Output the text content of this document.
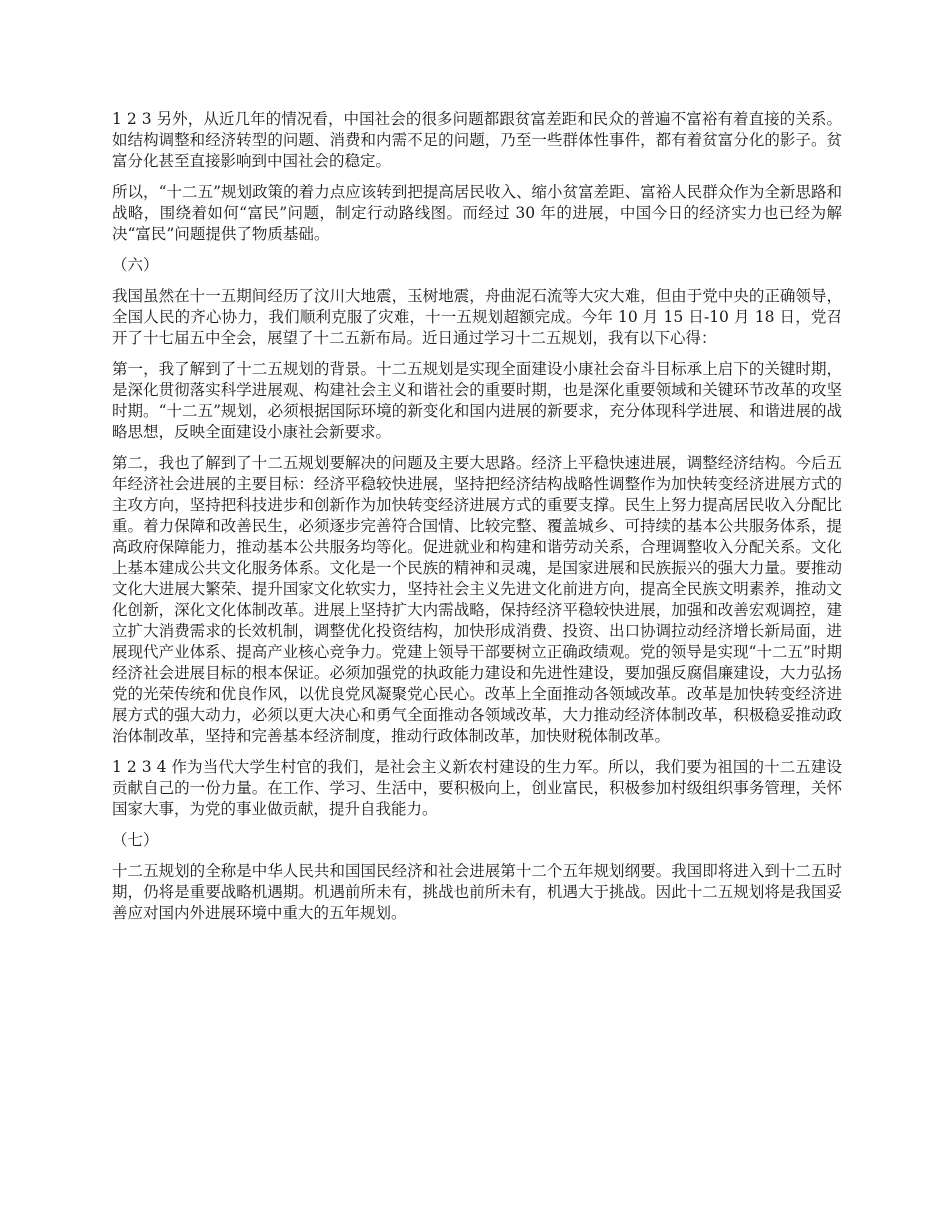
1 2 3 另外，从近几年的情况看，中国社会的很多问题都跟贫富差距和民众的普遍不富裕有着直接的关系。如结构调整和经济转型的问题、消费和内需不足的问题，乃至一些群体性事件，都有着贫富分化的影子。贫富分化甚至直接影响到中国社会的稳定。

所以，“十二五”规划政策的着力点应该转到把提高居民收入、缩小贫富差距、富裕人民群众作为全新思路和战略，围绕着如何“富民”问题，制定行动路线图。而经过 30 年的进展，中国今日的经济实力也已经为解决“富民”问题提供了物质基础。

（六）

我国虽然在十一五期间经历了汶川大地震，玉树地震，舟曲泥石流等大灾大难，但由于党中央的正确领导，全国人民的齐心协力，我们顺利克服了灾难，十一五规划超额完成。今年 10 月 15 日-10 月 18 日，党召开了十七届五中全会，展望了十二五新布局。近日通过学习十二五规划，我有以下心得：

第一，我了解到了十二五规划的背景。十二五规划是实现全面建设小康社会奋斗目标承上启下的关键时期，是深化贯彻落实科学进展观、构建社会主义和谐社会的重要时期，也是深化重要领域和关键环节改革的攻坚时期。“十二五”规划，必须根据国际环境的新变化和国内进展的新要求，充分体现科学进展、和谐进展的战略思想，反映全面建设小康社会新要求。

第二，我也了解到了十二五规划要解决的问题及主要大思路。经济上平稳快速进展，调整经济结构。今后五年经济社会进展的主要目标：经济平稳较快进展，坚持把经济结构战略性调整作为加快转变经济进展方式的主攻方向，坚持把科技进步和创新作为加快转变经济进展方式的重要支撑。民生上努力提高居民收入分配比重。着力保障和改善民生，必须逐步完善符合国情、比较完整、覆盖城乡、可持续的基本公共服务体系，提高政府保障能力，推动基本公共服务均等化。促进就业和构建和谐劳动关系，合理调整收入分配关系。文化上基本建成公共文化服务体系。文化是一个民族的精神和灵魂，是国家进展和民族振兴的强大力量。要推动文化大进展大繁荣、提升国家文化软实力，坚持社会主义先进文化前进方向，提高全民族文明素养，推动文化创新，深化文化体制改革。进展上坚持扩大内需战略，保持经济平稳较快进展，加强和改善宏观调控，建立扩大消费需求的长效机制，调整优化投资结构，加快形成消费、投资、出口协调拉动经济增长新局面，进展现代产业体系、提高产业核心竞争力。党建上领导干部要树立正确政绩观。党的领导是实现“十二五”时期经济社会进展目标的根本保证。必须加强党的执政能力建设和先进性建设，要加强反腐倡廉建设，大力弘扬党的光荣传统和优良作风，以优良党风凝聚党心民心。改革上全面推动各领域改革。改革是加快转变经济进展方式的强大动力，必须以更大决心和勇气全面推动各领域改革，大力推动经济体制改革，积极稳妥推动政治体制改革，坚持和完善基本经济制度，推动行政体制改革，加快财税体制改革。

1 2 3 4 作为当代大学生村官的我们，是社会主义新农村建设的生力军。所以，我们要为祖国的十二五建设贡献自己的一份力量。在工作、学习、生活中，要积极向上，创业富民，积极参加村级组织事务管理，关怀国家大事，为党的事业做贡献，提升自我能力。

（七）

十二五规划的全称是中华人民共和国国民经济和社会进展第十二个五年规划纲要。我国即将进入到十二五时期，仍将是重要战略机遇期。机遇前所未有，挑战也前所未有，机遇大于挑战。因此十二五规划将是我国妥善应对国内外进展环境中重大的五年规划。
